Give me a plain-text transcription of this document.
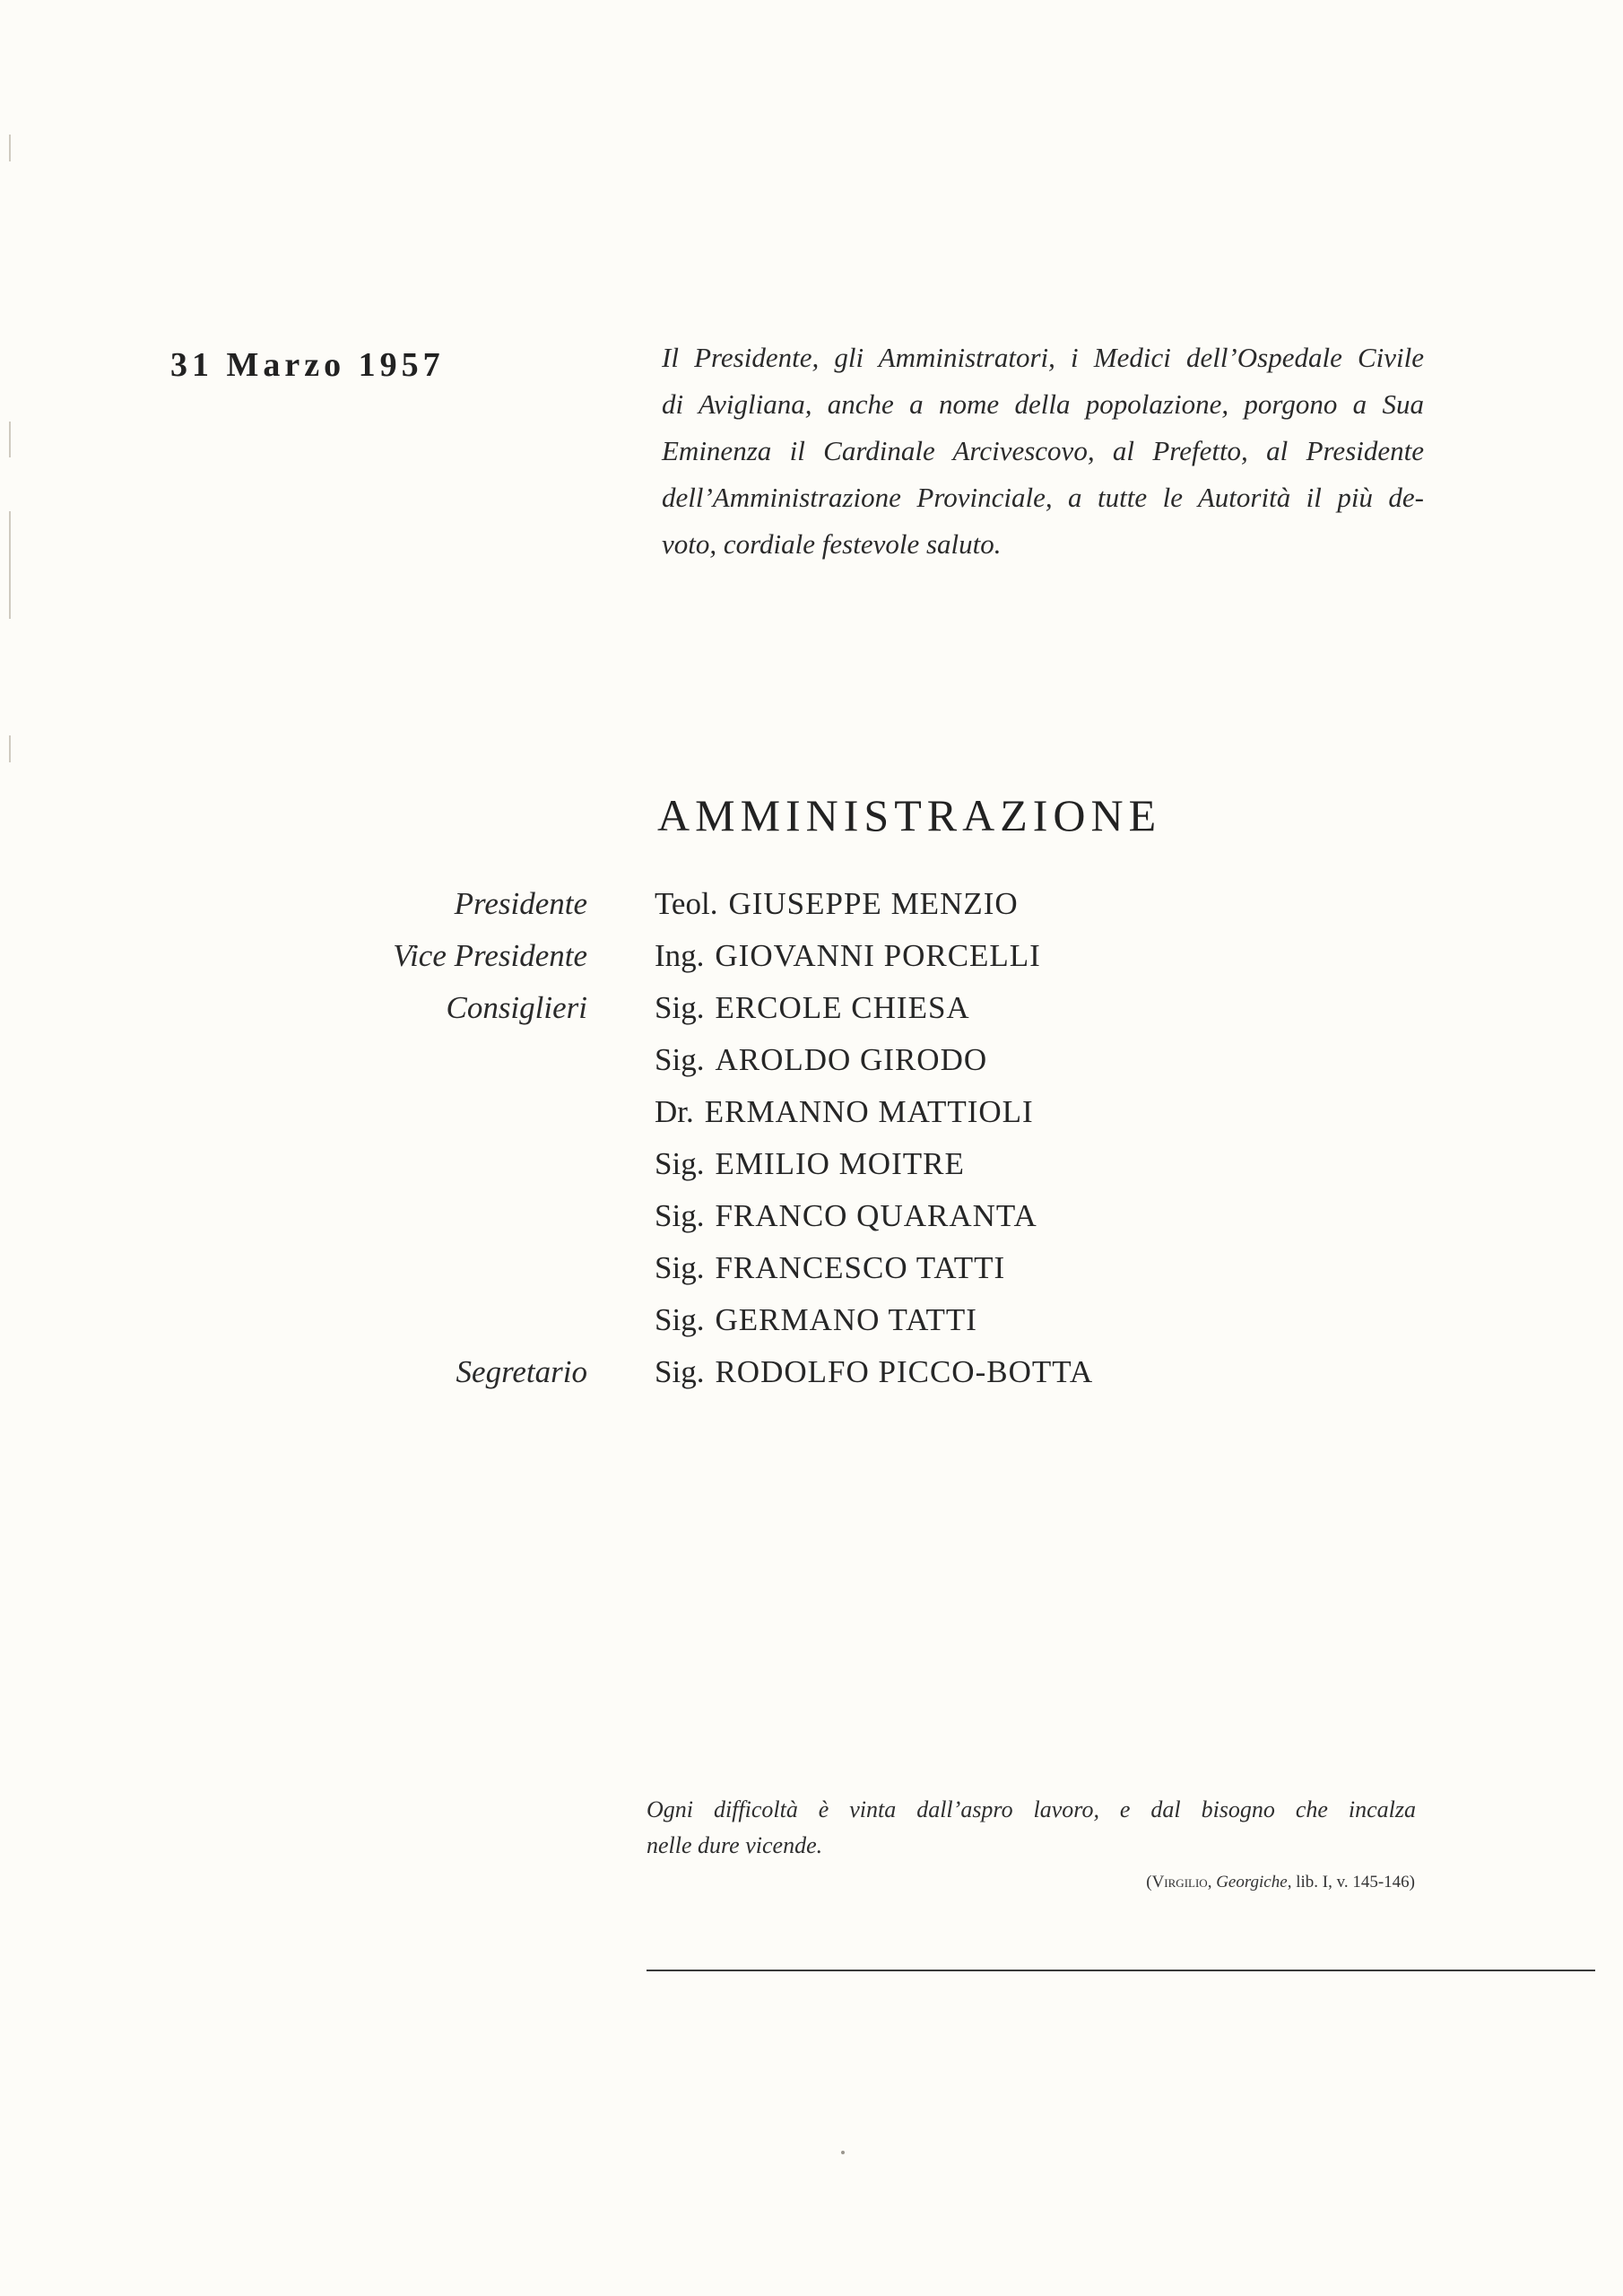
31 Marzo 1957	Il Presidente, gli Amministratori, i Medici dell’Ospedale Civile
di Avigliana, anche a nome della popolazione, porgono a Sua
Eminenza il Cardinale Arcivescovo, al Prefetto, al Presidente
dell’Amministrazione Provinciale, a tutte le Autorità il più de-
voto, cordiale festevole saluto.
AMMINISTRAZIONE
Presidente Teol. GIUSEPPE MENZIO
Vice Presidente Ing. GIOVANNI PORCELLI
Consiglieri Sig. ERCOLE CHIESA
Sig. AROLDO GIRODO
Dr. ERMANNO MATTIOLI
Sig. EMILIO MOITRE
Sig. FRANCO QUARANTA
Sig. FRANCESCO TATTI
Sig. GERMANO TATTI
Segretario Sig. RODOLFO PICCO-BOTTA
Ogni difficoltà è vinta dall’aspro lavoro, e dal bisogno che incalza
nelle dure vicende.
(Virgilio, Georgiche, lib. I, v. 145-146)
